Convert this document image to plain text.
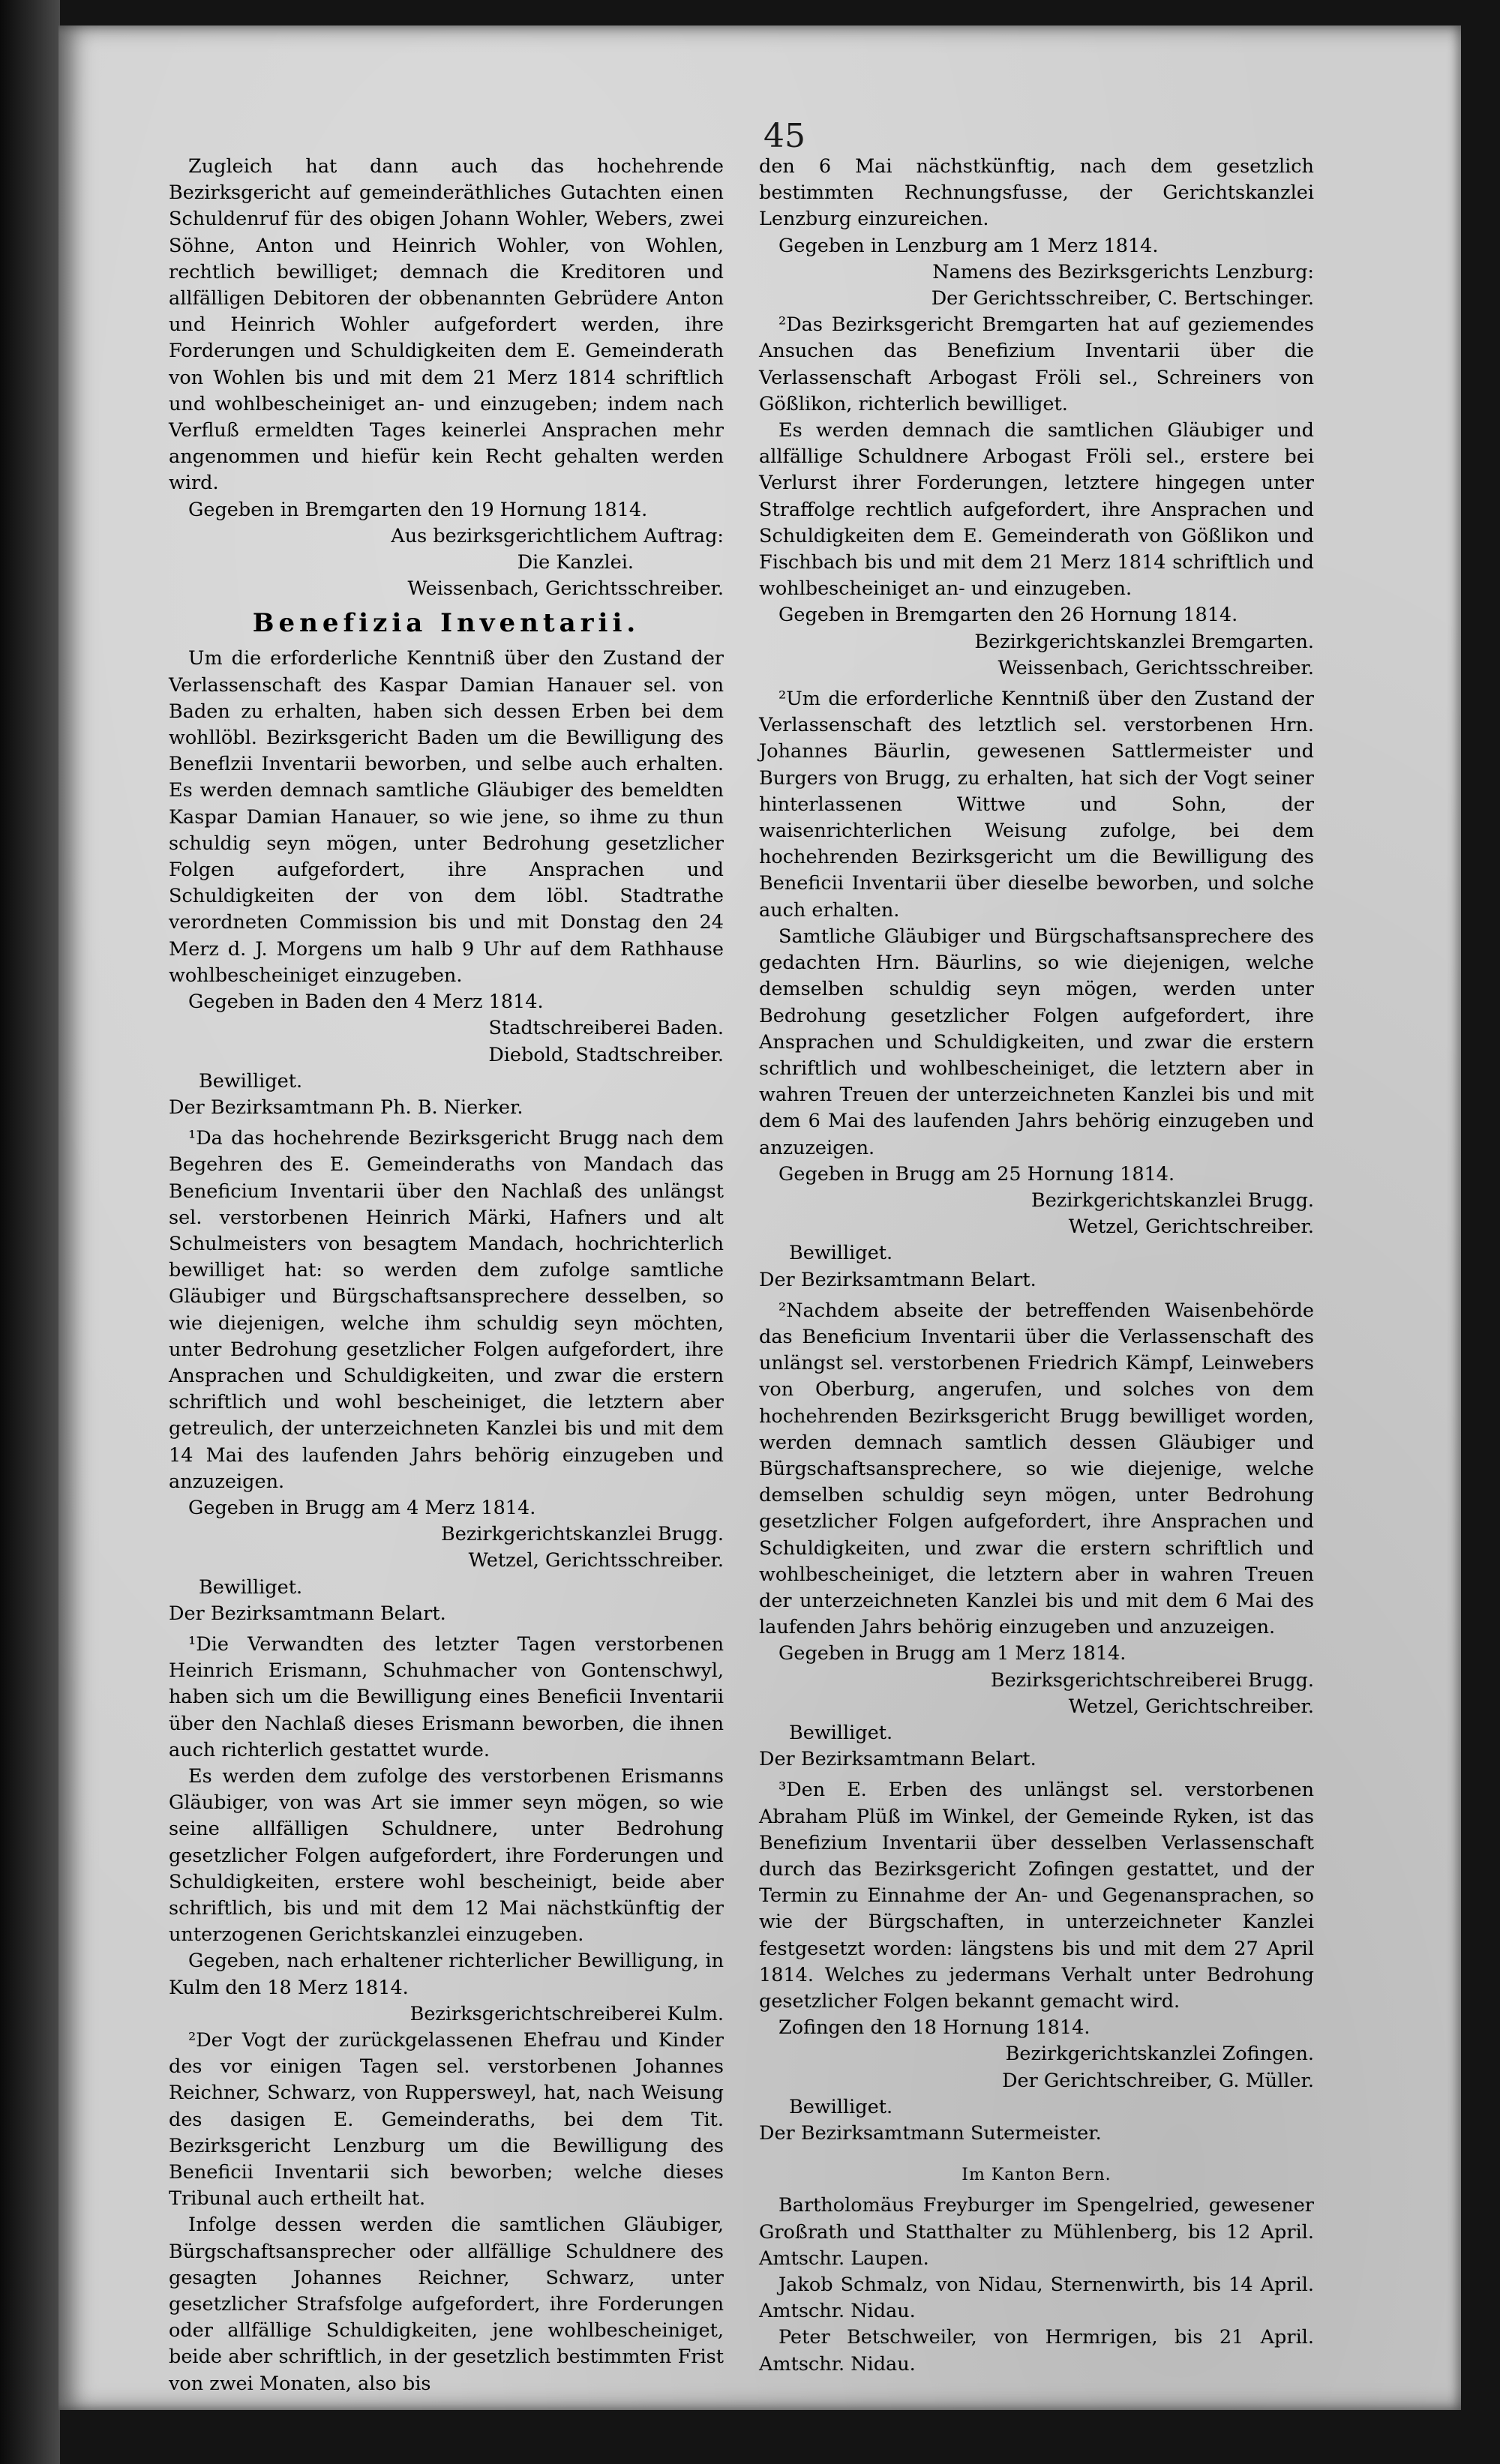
45

Zugleich hat dann auch das hochehrende Bezirksgericht auf gemeinderäthliches Gutachten einen Schuldenruf für des obigen Johann Wohler, Webers, zwei Söhne, Anton und Heinrich Wohler, von Wohlen, rechtlich bewilliget; demnach die Kreditoren und allfälligen Debitoren der obbenannten Gebrüdere Anton und Heinrich Wohler aufgefordert werden, ihre Forderungen und Schuldigkeiten dem E. Gemeinderath von Wohlen bis und mit dem 21 Merz 1814 schriftlich und wohlbescheiniget an- und einzugeben; indem nach Verfluß ermeldten Tages keinerlei Ansprachen mehr angenommen und hiefür kein Recht gehalten werden wird.

Gegeben in Bremgarten den 19 Hornung 1814.

Aus bezirksgerichtlichem Auftrag:

Die Kanzlei.

Weissenbach, Gerichtsschreiber.

Benefizia Inventarii.

Um die erforderliche Kenntniß über den Zustand der Verlassenschaft des Kaspar Damian Hanauer sel. von Baden zu erhalten, haben sich dessen Erben bei dem wohllöbl. Bezirksgericht Baden um die Bewilligung des Beneflzii Inventarii beworben, und selbe auch erhalten. Es werden demnach samtliche Gläubiger des bemeldten Kaspar Damian Hanauer, so wie jene, so ihme zu thun schuldig seyn mögen, unter Bedrohung gesetzlicher Folgen aufgefordert, ihre Ansprachen und Schuldigkeiten der von dem löbl. Stadtrathe verordneten Commission bis und mit Donstag den 24 Merz d. J. Morgens um halb 9 Uhr auf dem Rathhause wohlbescheiniget einzugeben.

Gegeben in Baden den 4 Merz 1814.

Stadtschreiberei Baden.

Diebold, Stadtschreiber.

Bewilliget.

Der Bezirksamtmann Ph. B. Nierker.

¹Da das hochehrende Bezirksgericht Brugg nach dem Begehren des E. Gemeinderaths von Mandach das Beneficium Inventarii über den Nachlaß des unlängst sel. verstorbenen Heinrich Märki, Hafners und alt Schulmeisters von besagtem Mandach, hochrichterlich bewilliget hat: so werden dem zufolge samtliche Gläubiger und Bürgschaftsansprechere desselben, so wie diejenigen, welche ihm schuldig seyn möchten, unter Bedrohung gesetzlicher Folgen aufgefordert, ihre Ansprachen und Schuldigkeiten, und zwar die erstern schriftlich und wohl bescheiniget, die letztern aber getreulich, der unterzeichneten Kanzlei bis und mit dem 14 Mai des laufenden Jahrs behörig einzugeben und anzuzeigen.

Gegeben in Brugg am 4 Merz 1814.

Bezirkgerichtskanzlei Brugg.

Wetzel, Gerichtsschreiber.

Bewilliget.

Der Bezirksamtmann Belart.

¹Die Verwandten des letzter Tagen verstorbenen Heinrich Erismann, Schuhmacher von Gontenschwyl, haben sich um die Bewilligung eines Beneficii Inventarii über den Nachlaß dieses Erismann beworben, die ihnen auch richterlich gestattet wurde.

Es werden dem zufolge des verstorbenen Erismanns Gläubiger, von was Art sie immer seyn mögen, so wie seine allfälligen Schuldnere, unter Bedrohung gesetzlicher Folgen aufgefordert, ihre Forderungen und Schuldigkeiten, erstere wohl bescheinigt, beide aber schriftlich, bis und mit dem 12 Mai nächstkünftig der unterzogenen Gerichtskanzlei einzugeben.

Gegeben, nach erhaltener richterlicher Bewilligung, in Kulm den 18 Merz 1814.

Bezirksgerichtschreiberei Kulm.

²Der Vogt der zurückgelassenen Ehefrau und Kinder des vor einigen Tagen sel. verstorbenen Johannes Reichner, Schwarz, von Ruppersweyl, hat, nach Weisung des dasigen E. Gemeinderaths, bei dem Tit. Bezirksgericht Lenzburg um die Bewilligung des Beneficii Inventarii sich beworben; welche dieses Tribunal auch ertheilt hat.

Infolge dessen werden die samtlichen Gläubiger, Bürgschaftsansprecher oder allfällige Schuldnere des gesagten Johannes Reichner, Schwarz, unter gesetzlicher Strafsfolge aufgefordert, ihre Forderungen oder allfällige Schuldigkeiten, jene wohlbescheiniget, beide aber schriftlich, in der gesetzlich bestimmten Frist von zwei Monaten, also bis

den 6 Mai nächstkünftig, nach dem gesetzlich bestimmten Rechnungsfusse, der Gerichtskanzlei Lenzburg einzureichen.

Gegeben in Lenzburg am 1 Merz 1814.

Namens des Bezirksgerichts Lenzburg:

Der Gerichtsschreiber, C. Bertschinger.

²Das Bezirksgericht Bremgarten hat auf geziemendes Ansuchen das Benefizium Inventarii über die Verlassenschaft Arbogast Fröli sel., Schreiners von Gößlikon, richterlich bewilliget.

Es werden demnach die samtlichen Gläubiger und allfällige Schuldnere Arbogast Fröli sel., erstere bei Verlurst ihrer Forderungen, letztere hingegen unter Straffolge rechtlich aufgefordert, ihre Ansprachen und Schuldigkeiten dem E. Gemeinderath von Gößlikon und Fischbach bis und mit dem 21 Merz 1814 schriftlich und wohlbescheiniget an- und einzugeben.

Gegeben in Bremgarten den 26 Hornung 1814.

Bezirkgerichtskanzlei Bremgarten.

Weissenbach, Gerichtsschreiber.

²Um die erforderliche Kenntniß über den Zustand der Verlassenschaft des letztlich sel. verstorbenen Hrn. Johannes Bäurlin, gewesenen Sattlermeister und Burgers von Brugg, zu erhalten, hat sich der Vogt seiner hinterlassenen Wittwe und Sohn, der waisenrichterlichen Weisung zufolge, bei dem hochehrenden Bezirksgericht um die Bewilligung des Beneficii Inventarii über dieselbe beworben, und solche auch erhalten.

Samtliche Gläubiger und Bürgschaftsansprechere des gedachten Hrn. Bäurlins, so wie diejenigen, welche demselben schuldig seyn mögen, werden unter Bedrohung gesetzlicher Folgen aufgefordert, ihre Ansprachen und Schuldigkeiten, und zwar die erstern schriftlich und wohlbescheiniget, die letztern aber in wahren Treuen der unterzeichneten Kanzlei bis und mit dem 6 Mai des laufenden Jahrs behörig einzugeben und anzuzeigen.

Gegeben in Brugg am 25 Hornung 1814.

Bezirkgerichtskanzlei Brugg.

Wetzel, Gerichtschreiber.

Bewilliget.

Der Bezirksamtmann Belart.

²Nachdem abseite der betreffenden Waisenbehörde das Beneficium Inventarii über die Verlassenschaft des unlängst sel. verstorbenen Friedrich Kämpf, Leinwebers von Oberburg, angerufen, und solches von dem hochehrenden Bezirksgericht Brugg bewilliget worden, werden demnach samtlich dessen Gläubiger und Bürgschaftsansprechere, so wie diejenige, welche demselben schuldig seyn mögen, unter Bedrohung gesetzlicher Folgen aufgefordert, ihre Ansprachen und Schuldigkeiten, und zwar die erstern schriftlich und wohlbescheiniget, die letztern aber in wahren Treuen der unterzeichneten Kanzlei bis und mit dem 6 Mai des laufenden Jahrs behörig einzugeben und anzuzeigen.

Gegeben in Brugg am 1 Merz 1814.

Bezirksgerichtschreiberei Brugg.

Wetzel, Gerichtschreiber.

Bewilliget.

Der Bezirksamtmann Belart.

³Den E. Erben des unlängst sel. verstorbenen Abraham Plüß im Winkel, der Gemeinde Ryken, ist das Benefizium Inventarii über desselben Verlassenschaft durch das Bezirksgericht Zofingen gestattet, und der Termin zu Einnahme der An- und Gegenansprachen, so wie der Bürgschaften, in unterzeichneter Kanzlei festgesetzt worden: längstens bis und mit dem 27 April 1814. Welches zu jedermans Verhalt unter Bedrohung gesetzlicher Folgen bekannt gemacht wird.

Zofingen den 18 Hornung 1814.

Bezirkgerichtskanzlei Zofingen.

Der Gerichtschreiber, G. Müller.

Bewilliget.

Der Bezirksamtmann Sutermeister.

Im Kanton Bern.

Bartholomäus Freyburger im Spengelried, gewesener Großrath und Statthalter zu Mühlenberg, bis 12 April. Amtschr. Laupen.

Jakob Schmalz, von Nidau, Sternenwirth, bis 14 April. Amtschr. Nidau.

Peter Betschweiler, von Hermrigen, bis 21 April. Amtschr. Nidau.
